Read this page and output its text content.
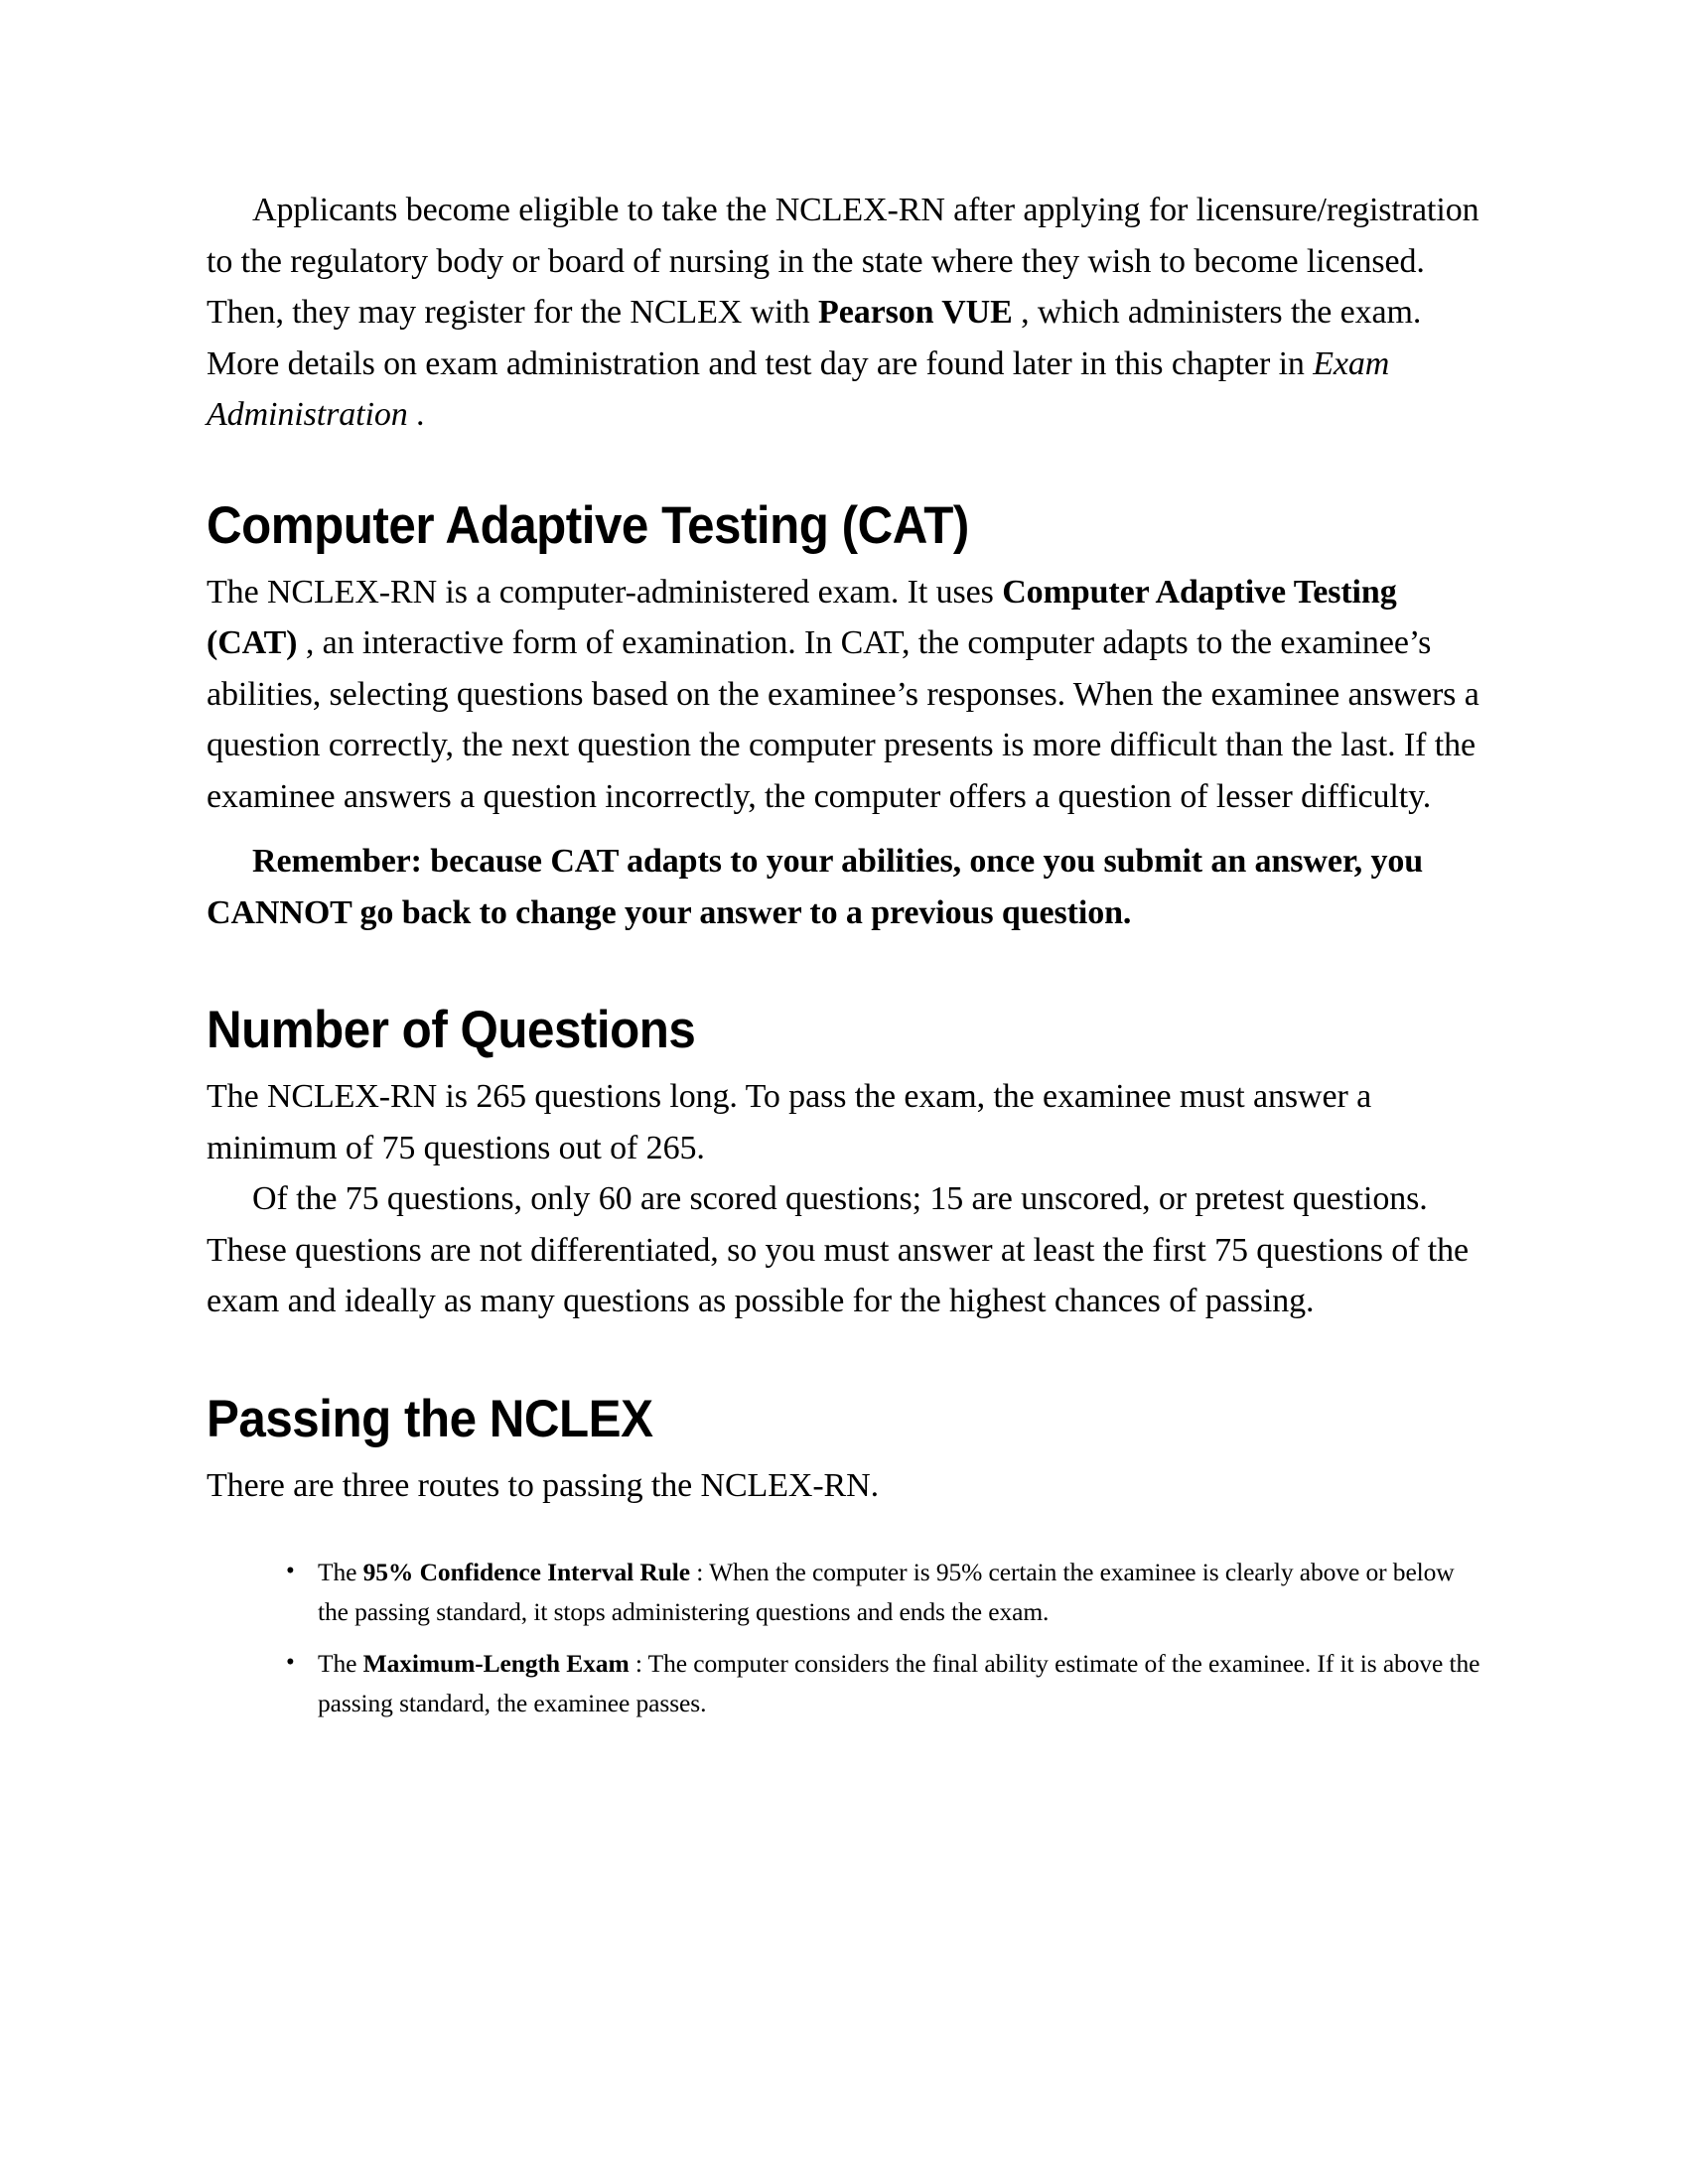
Applicants become eligible to take the NCLEX-RN after applying for licensure/registration to the regulatory body or board of nursing in the state where they wish to become licensed. Then, they may register for the NCLEX with Pearson VUE , which administers the exam. More details on exam administration and test day are found later in this chapter in Exam Administration .

Computer Adaptive Testing (CAT)

The NCLEX-RN is a computer-administered exam. It uses Computer Adaptive Testing (CAT) , an interactive form of examination. In CAT, the computer adapts to the examinee’s abilities, selecting questions based on the examinee’s responses. When the examinee answers a question correctly, the next question the computer presents is more difficult than the last. If the examinee answers a question incorrectly, the computer offers a question of lesser difficulty.

Remember: because CAT adapts to your abilities, once you submit an answer, you CANNOT go back to change your answer to a previous question.

Number of Questions

The NCLEX-RN is 265 questions long. To pass the exam, the examinee must answer a minimum of 75 questions out of 265.

Of the 75 questions, only 60 are scored questions; 15 are unscored, or pretest questions. These questions are not differentiated, so you must answer at least the first 75 questions of the exam and ideally as many questions as possible for the highest chances of passing.

Passing the NCLEX

There are three routes to passing the NCLEX-RN.

• The 95% Confidence Interval Rule : When the computer is 95% certain the examinee is clearly above or below the passing standard, it stops administering questions and ends the exam.
• The Maximum-Length Exam : The computer considers the final ability estimate of the examinee. If it is above the passing standard, the examinee passes.
